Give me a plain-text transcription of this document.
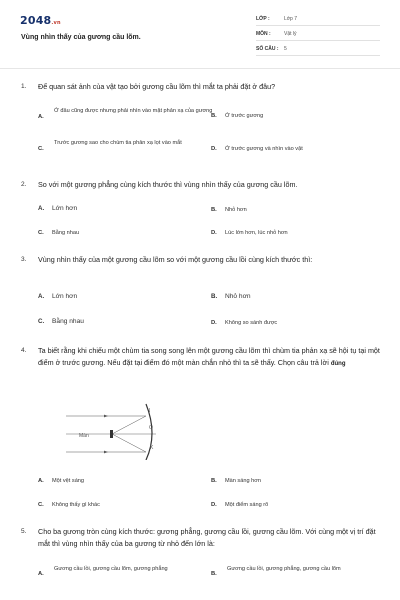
2048.vn
Vùng nhìn thấy của gương cầu lõm.
LỚP :	Lớp 7
MÔN :	Vật lý
SỐ CÂU : 5
1. Để quan sát ảnh của vật tạo bởi gương cầu lõm thì mắt ta phải đặt ở đâu?
A.
Ở đâu cũng được nhưng phải nhìn vào mặt phản xạ của gương
B. Ở trước gương
C.
Trước gương sao cho chùm tia phản xạ lọt vào mắt
D. Ở trước gương và nhìn vào vật
2. So với một gương phẳng cùng kích thước thì vùng nhìn thấy của gương cầu lõm.
A. Lớn hơn	B. Nhỏ hơn
C. Bằng nhau	D. Lúc lớn hơn, lúc nhỏ hơn
3. Vùng nhìn thấy của một gương cầu lõm so với một gương cầu lồi cùng kích thước thì:
A. Lớn hơn	B. Nhỏ hơn
C. Bằng nhau	D. Không so sánh được
4. Ta biết rằng khi chiếu một chùm tia song song lên một gương cầu lõm thì chùm tia phản xạ sẽ hội tụ tại một điểm ở trước gương. Nếu đặt tại điểm đó một màn chắn nhỏ thì ta sẽ thấy. Chọn câu trả lời đúng
Màn
I
O
K
A. Một vệt sáng	B. Màn sáng hơn
C. Không thấy gì khác	D. Một điểm sáng rõ
5. Cho ba gương tròn cùng kích thước: gương phẳng, gương cầu lồi, gương cầu lõm. Với cùng một vị trí đặt mắt thì vùng nhìn thấy của ba gương từ nhỏ đến lớn là:
A.
Gương cầu lồi, gương cầu lõm, gương phẳng
B.
Gương cầu lồi, gương phẳng, gương cầu lõm
